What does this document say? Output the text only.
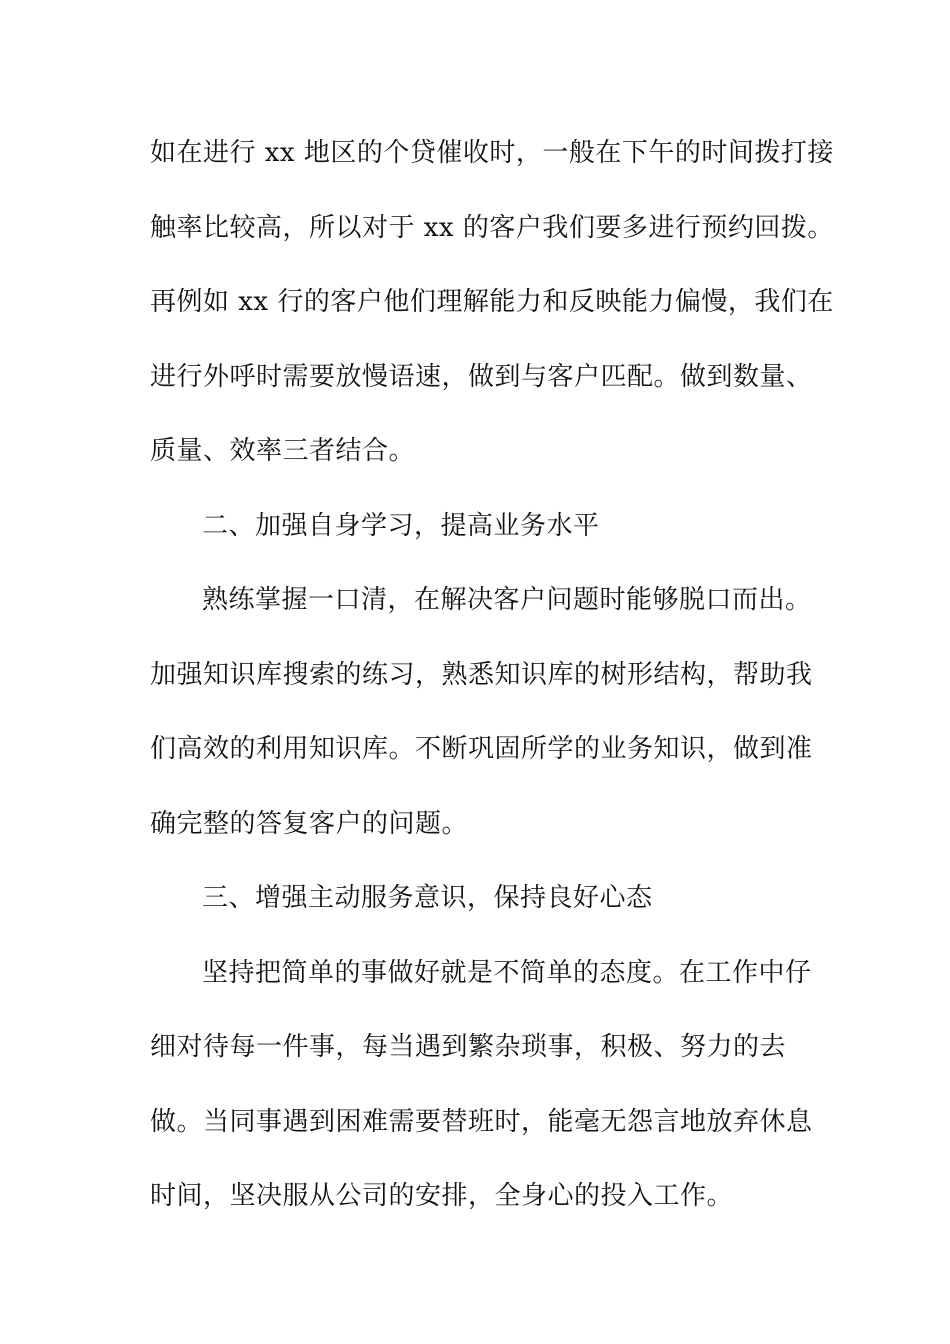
如在进行 xx 地区的个贷催收时，一般在下午的时间拨打接
触率比较高，所以对于 xx 的客户我们要多进行预约回拨。
再例如 xx 行的客户他们理解能力和反映能力偏慢，我们在
进行外呼时需要放慢语速，做到与客户匹配。做到数量、
质量、效率三者结合。
二、加强自身学习，提高业务水平
熟练掌握一口清，在解决客户问题时能够脱口而出。
加强知识库搜索的练习，熟悉知识库的树形结构，帮助我
们高效的利用知识库。不断巩固所学的业务知识，做到准
确完整的答复客户的问题。
三、增强主动服务意识，保持良好心态
坚持把简单的事做好就是不简单的态度。在工作中仔
细对待每一件事，每当遇到繁杂琐事，积极、努力的去
做。当同事遇到困难需要替班时，能毫无怨言地放弃休息
时间，坚决服从公司的安排，全身心的投入工作。
